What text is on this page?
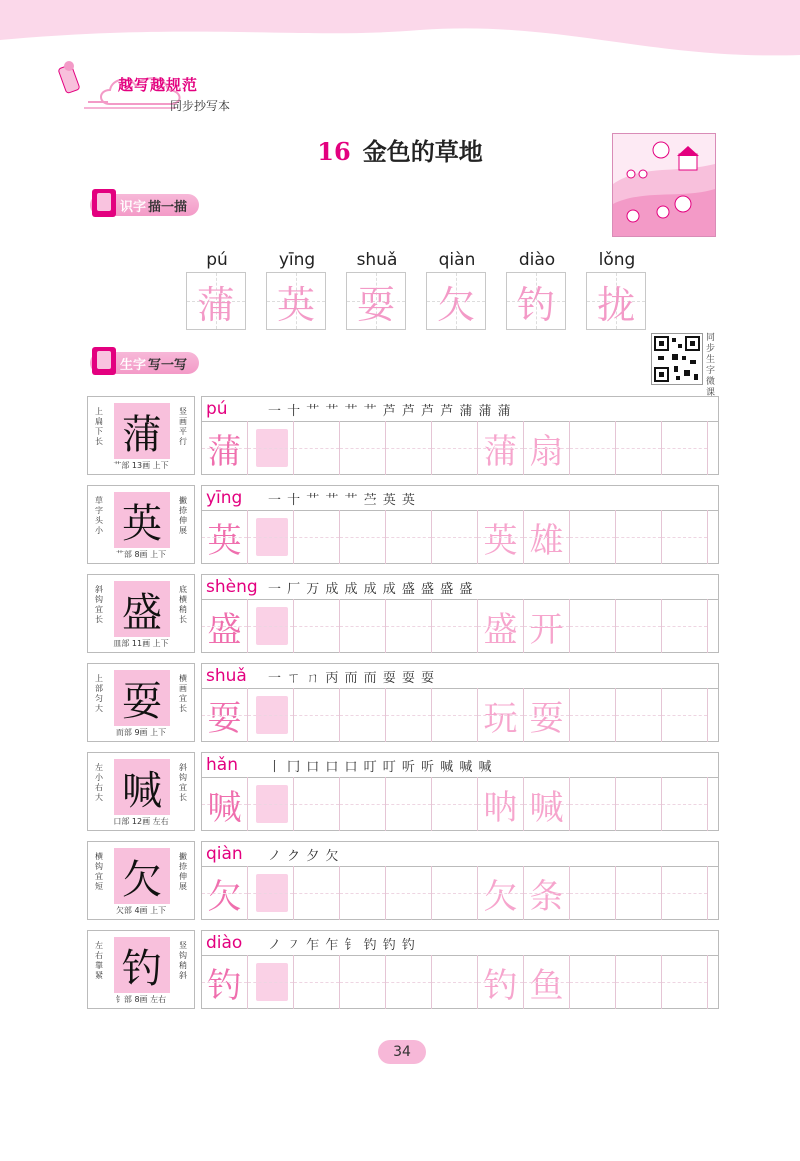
越写越规范
同步抄写本
16 金色的草地
识字 描一描
pú
蒲
yīng
英
shuǎ
耍
qiàn
欠
diào
钓
lǒng
拢
生字 写一写
同步生字微课
上扁下长 蒲	竖画平行
艹部 13画 上下
pú	一 十 艹 艹 艹 艹 芦 芦 芦 芦 蒲 蒲 蒲
蒲	蒲 扇
草字头小 英	撇捺伸展
艹部 8画 上下
yīng 一 十 艹 艹 艹 苎 英 英
英	英 雄
斜钩宜长 盛	底横稍长
皿部 11画 上下
shèng 一 厂 万 成 成 成 成 盛 盛 盛 盛
盛	盛 开
上部匀大 耍	横画宜长
而部 9画 上下
shuǎ 一 ㄒ ㄇ 丙 而 而 耍 耍 耍
耍	玩 耍
左小右大 喊	斜钩宜长
口部 12画 左右
hǎn 丨 冂 口 口 口 叮 叮 听 听 喊 喊 喊
喊	呐 喊
横钩宜短 欠	撇捺伸展
欠部 4画 上下
qiàn ノ ク 夕 欠
欠	欠 条
左右靠紧 钓	竖钩稍斜
钅部 8画 左右
diào ノ ㇇ 乍 乍 钅 钓 钓 钓
钓	钓 鱼
34
